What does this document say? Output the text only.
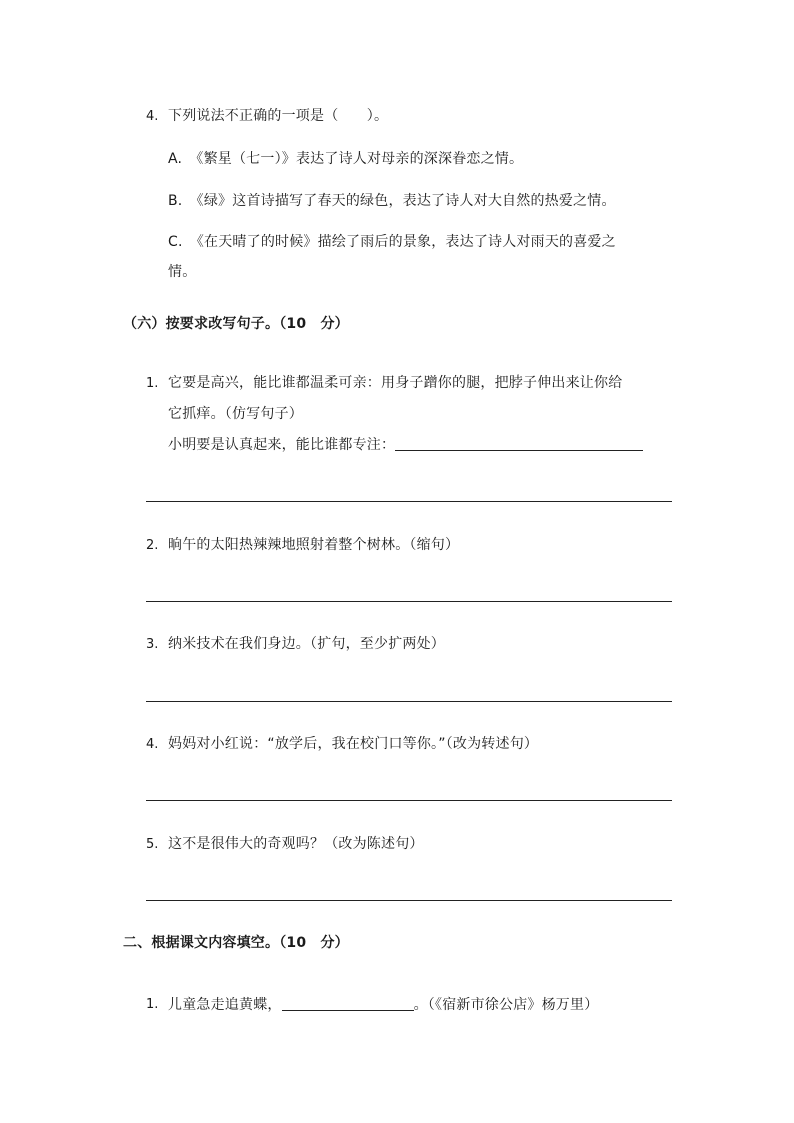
4. 下列说法不正确的一项是（　　）。
A.　《繁星（七一）》表达了诗人对母亲的深深眷恋之情。
B.　《绿》这首诗描写了春天的绿色，表达了诗人对大自然的热爱之情。
C.　《在天晴了的时候》描绘了雨后的景象，表达了诗人对雨天的喜爱之
情。
（六）按要求改写句子。（10　分）
1. 它要是高兴，能比谁都温柔可亲：用身子蹭你的腿，把脖子伸出来让你给
它抓痒。（仿写句子）
小明要是认真起来，能比谁都专注：
2. 晌午的太阳热辣辣地照射着整个树林。（缩句）
3. 纳米技术在我们身边。（扩句，至少扩两处）
4. 妈妈对小红说：“放学后，我在校门口等你。”（改为转述句）
5. 这不是很伟大的奇观吗？（改为陈述句）
二、根据课文内容填空。（10　分）
1. 儿童急走追黄蝶，	。（《宿新市徐公店》杨万里）
